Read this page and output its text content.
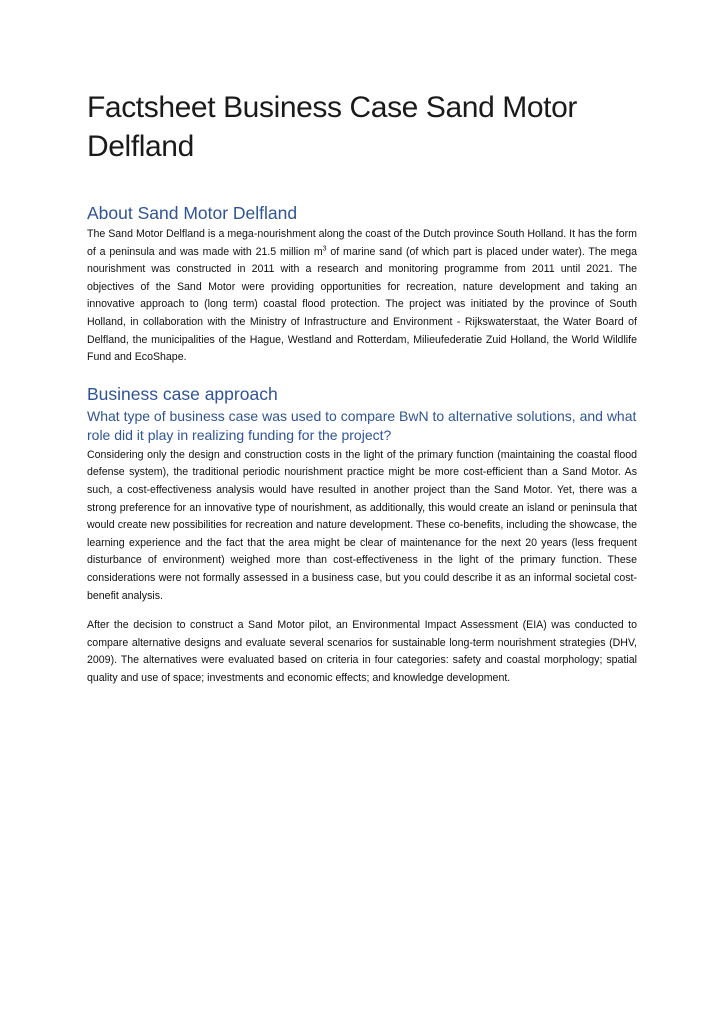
Factsheet Business Case Sand Motor Delfland
About Sand Motor Delfland

The Sand Motor Delfland is a mega-nourishment along the coast of the Dutch province South Holland. It has the form of a peninsula and was made with 21.5 million $m^3$ of marine sand (of which part is placed under water). The mega nourishment was constructed in 2011 with a research and monitoring programme from 2011 until 2021. The objectives of the Sand Motor were providing opportunities for recreation, nature development and taking an innovative approach to (long term) coastal flood protection. The project was initiated by the province of South Holland, in collaboration with the Ministry of Infrastructure and Environment - Rijkswaterstaat, the Water Board of Delfland, the municipalities of the Hague, Westland and Rotterdam, Milieufederatie Zuid Holland, the World Wildlife Fund and EcoShape.

Business case approach
What type of business case was used to compare BwN to alternative solutions, and what role did it play in realizing funding for the project?

Considering only the design and construction costs in the light of the primary function (maintaining the coastal flood defense system), the traditional periodic nourishment practice might be more cost-efficient than a Sand Motor. As such, a cost-effectiveness analysis would have resulted in another project than the Sand Motor. Yet, there was a strong preference for an innovative type of nourishment, as additionally, this would create an island or peninsula that would create new possibilities for recreation and nature development. These co-benefits, including the showcase, the learning experience and the fact that the area might be clear of maintenance for the next 20 years (less frequent disturbance of environment) weighed more than cost-effectiveness in the light of the primary function. These considerations were not formally assessed in a business case, but you could describe it as an informal societal cost-benefit analysis.

After the decision to construct a Sand Motor pilot, an Environmental Impact Assessment (EIA) was conducted to compare alternative designs and evaluate several scenarios for sustainable long-term nourishment strategies (DHV, 2009). The alternatives were evaluated based on criteria in four categories: safety and coastal morphology; spatial quality and use of space; investments and economic effects; and knowledge development.
